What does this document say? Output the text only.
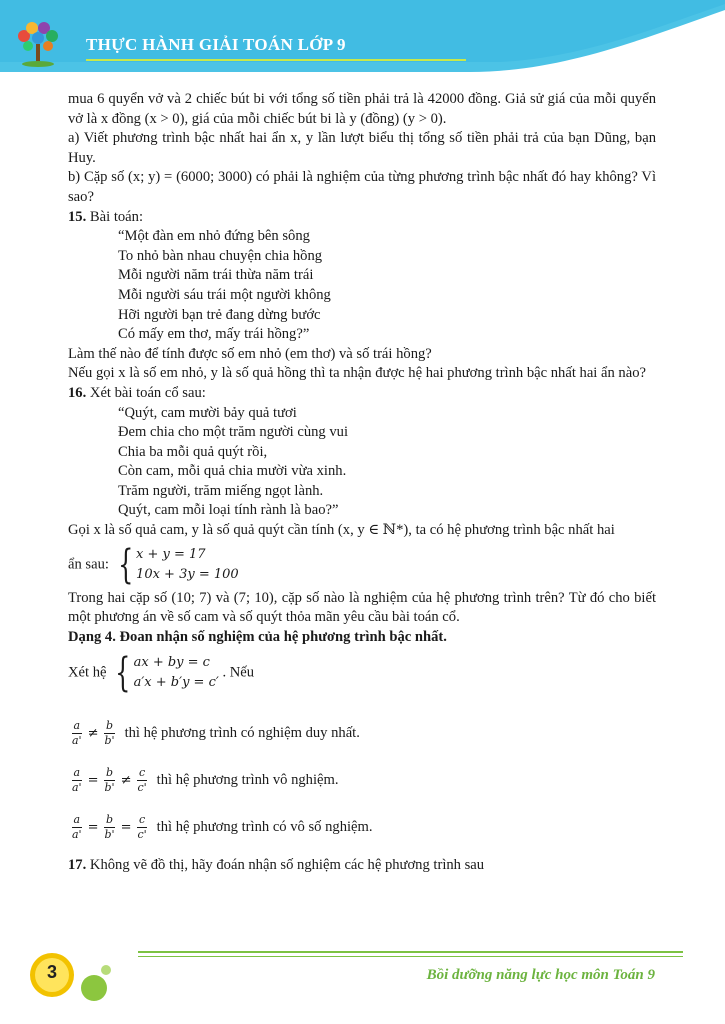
THỰC HÀNH GIẢI TOÁN LỚP 9

mua 6 quyển vở và 2 chiếc bút bi với tổng số tiền phải trả là 42000 đồng. Giả sử giá của mỗi quyển vở là x đồng (x > 0), giá của mỗi chiếc bút bi là y (đồng) (y > 0).

a) Viết phương trình bậc nhất hai ẩn x, y lần lượt biểu thị tổng số tiền phải trả của bạn Dũng, bạn Huy.

b) Cặp số (x; y) = (6000; 3000) có phải là nghiệm của từng phương trình bậc nhất đó hay không? Vì sao?

15. Bài toán:

“Một đàn em nhỏ đứng bên sông
To nhỏ bàn nhau chuyện chia hồng
Mỗi người năm trái thừa năm trái
Mỗi người sáu trái một người không
Hỡi người bạn trẻ đang dừng bước
Có mấy em thơ, mấy trái hồng?”

Làm thế nào để tính được số em nhỏ (em thơ) và số trái hồng?

Nếu gọi x là số em nhỏ, y là số quả hồng thì ta nhận được hệ hai phương trình bậc nhất hai ẩn nào?

16. Xét bài toán cổ sau:

“Quýt, cam mười bảy quả tươi
Đem chia cho một trăm người cùng vui
Chia ba mỗi quả quýt rồi,
Còn cam, mỗi quả chia mười vừa xinh.
Trăm người, trăm miếng ngọt lành.
Quýt, cam mỗi loại tính rành là bao?”

Gọi x là số quả cam, y là số quả quýt cần tính (x, y ∈ ℕ*), ta có hệ phương trình bậc nhất hai

ẩn sau: { x + y = 17
10x + 3y = 100

Trong hai cặp số (10; 7) và (7; 10), cặp số nào là nghiệm của hệ phương trình trên? Từ đó cho biết một phương án về số cam và số quýt thỏa mãn yêu cầu bài toán cổ.

Dạng 4. Đoan nhận số nghiệm của hệ phương trình bậc nhất.

Xét hệ { ax + by = c
a′x + b′y = c′
. Nếu
$\frac{a}{a'} \ne \frac{b}{b'}$ thì hệ phương trình có nghiệm duy nhất.
$\frac{a}{a'} = \frac{b}{b'} \ne \frac{c}{c'}$ thì hệ phương trình vô nghiệm.
$\frac{a}{a'} = \frac{b}{b'} = \frac{c}{c'}$ thì hệ phương trình có vô số nghiệm.

17. Không vẽ đồ thị, hãy đoán nhận số nghiệm các hệ phương trình sau

3	Bồi dưỡng năng lực học môn Toán 9
